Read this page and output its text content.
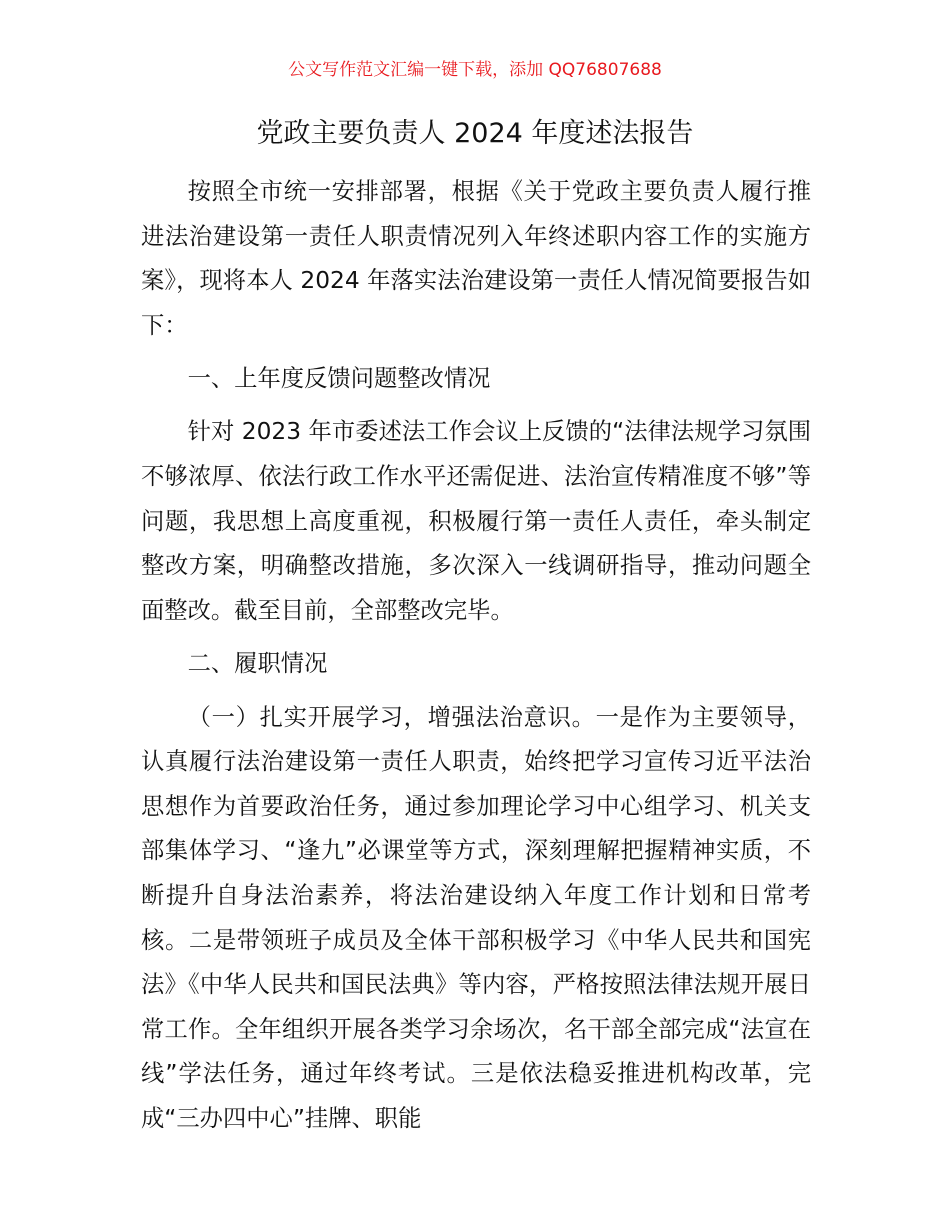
公文写作范文汇编一键下载，添加 QQ76807688
党政主要负责人 2024 年度述法报告

按照全市统一安排部署，根据《关于党政主要负责人履行推进法治建设第一责任人职责情况列入年终述职内容工作的实施方案》，现将本人 2024 年落实法治建设第一责任人情况简要报告如下：

一、上年度反馈问题整改情况

针对 2023 年市委述法工作会议上反馈的“法律法规学习氛围不够浓厚、依法行政工作水平还需促进、法治宣传精准度不够”等问题，我思想上高度重视，积极履行第一责任人责任，牵头制定整改方案，明确整改措施，多次深入一线调研指导，推动问题全面整改。截至目前，全部整改完毕。

二、履职情况

（一）扎实开展学习，增强法治意识。一是作为主要领导，认真履行法治建设第一责任人职责，始终把学习宣传习近平法治思想作为首要政治任务，通过参加理论学习中心组学习、机关支部集体学习、“逢九”必课堂等方式，深刻理解把握精神实质，不断提升自身法治素养，将法治建设纳入年度工作计划和日常考核。二是带领班子成员及全体干部积极学习《中华人民共和国宪法》《中华人民共和国民法典》等内容，严格按照法律法规开展日常工作。全年组织开展各类学习余场次，名干部全部完成“法宣在线”学法任务，通过年终考试。三是依法稳妥推进机构改革，完成“三办四中心”挂牌、职能
